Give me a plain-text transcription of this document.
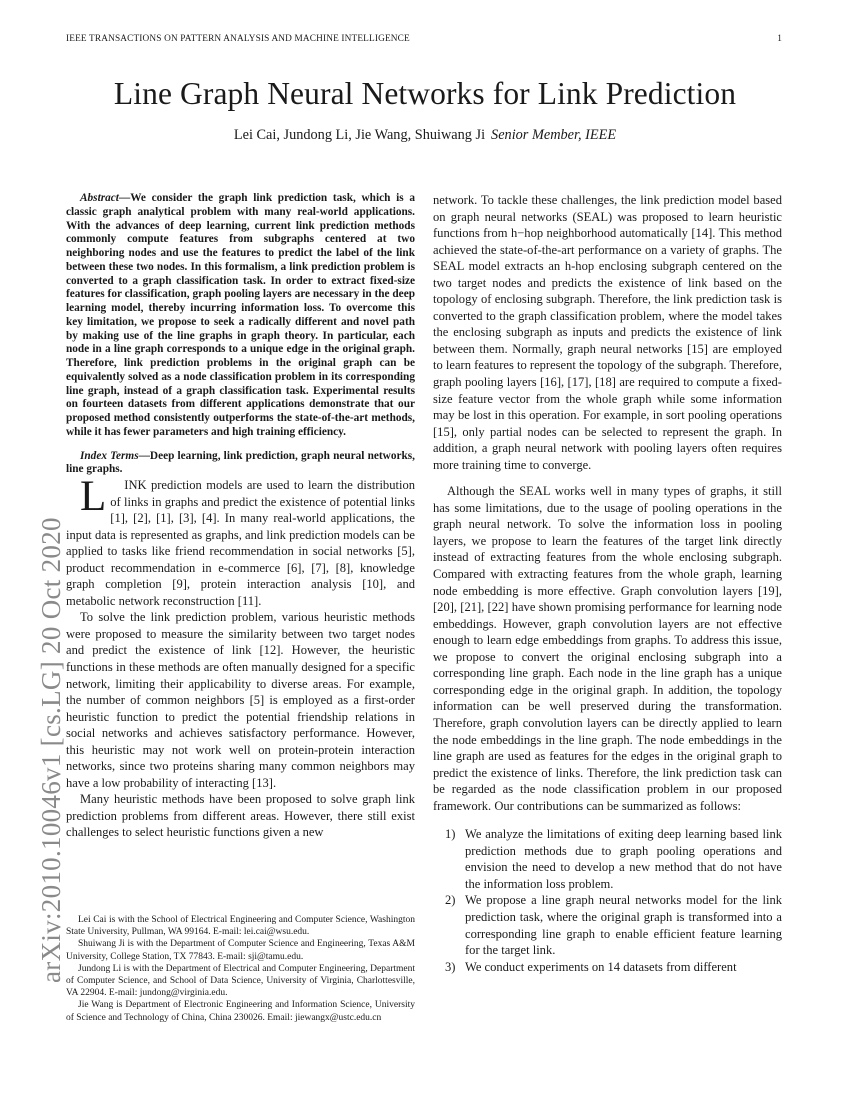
IEEE TRANSACTIONS ON PATTERN ANALYSIS AND MACHINE INTELLIGENCE	1
Line Graph Neural Networks for Link Prediction
Lei Cai, Jundong Li, Jie Wang, Shuiwang Ji Senior Member, IEEE
arXiv:2010.10046v1 [cs.LG] 20 Oct 2020

Abstract—We consider the graph link prediction task, which is a classic graph analytical problem with many real-world applications. With the advances of deep learning, current link prediction methods commonly compute features from subgraphs centered at two neighboring nodes and use the features to predict the label of the link between these two nodes. In this formalism, a link prediction problem is converted to a graph classification task. In order to extract fixed-size features for classification, graph pooling layers are necessary in the deep learning model, thereby incurring information loss. To overcome this key limitation, we propose to seek a radically different and novel path by making use of the line graphs in graph theory. In particular, each node in a line graph corresponds to a unique edge in the original graph. Therefore, link prediction problems in the original graph can be equivalently solved as a node classification problem in its corresponding line graph, instead of a graph classification task. Experimental results on fourteen datasets from different applications demonstrate that our proposed method consistently outperforms the state-of-the-art methods, while it has fewer parameters and high training efficiency.

Index Terms—Deep learning, link prediction, graph neural networks, line graphs.

L INK prediction models are used to learn the distribution of links in graphs and predict the existence of potential links [1], [2], [1], [3], [4]. In many real-world applications, the input data is represented as graphs, and link prediction models can be applied to tasks like friend recommendation in social networks [5], product recommendation in e-commerce [6], [7], [8], knowledge graph completion [9], protein interaction analysis [10], and metabolic network reconstruction [11].

To solve the link prediction problem, various heuristic methods were proposed to measure the similarity between two target nodes and predict the existence of link [12]. However, the heuristic functions in these methods are often manually designed for a specific network, limiting their applicability to diverse areas. For example, the number of common neighbors [5] is employed as a first-order heuristic function to predict the potential friendship relations in social networks and achieves satisfactory performance. However, this heuristic may not work well on protein-protein interaction networks, since two proteins sharing many common neighbors may have a low probability of interacting [13].

Many heuristic methods have been proposed to solve graph link prediction problems from different areas. However, there still exist challenges to select heuristic functions given a new

Lei Cai is with the School of Electrical Engineering and Computer Science, Washington State University, Pullman, WA 99164. E-mail: lei.cai@wsu.edu.

Shuiwang Ji is with the Department of Computer Science and Engineering, Texas A&M University, College Station, TX 77843. E-mail: sji@tamu.edu.

Jundong Li is with the Department of Electrical and Computer Engineering, Department of Computer Science, and School of Data Science, University of Virginia, Charlottesville, VA 22904. E-mail: jundong@virginia.edu.

Jie Wang is Department of Electronic Engineering and Information Science, University of Science and Technology of China, China 230026. Email: jiewangx@ustc.edu.cn

network. To tackle these challenges, the link prediction model based on graph neural networks (SEAL) was proposed to learn heuristic functions from h−hop neighborhood automatically [14]. This method achieved the state-of-the-art performance on a variety of graphs. The SEAL model extracts an h-hop enclosing subgraph centered on the two target nodes and predicts the existence of link based on the topology of enclosing subgraph. Therefore, the link prediction task is converted to the graph classification problem, where the model takes the enclosing subgraph as inputs and predicts the existence of link between them. Normally, graph neural networks [15] are employed to learn features to represent the topology of the subgraph. Therefore, graph pooling layers [16], [17], [18] are required to compute a fixed-size feature vector from the whole graph while some information may be lost in this operation. For example, in sort pooling operations [15], only partial nodes can be selected to represent the graph. In addition, a graph neural network with pooling layers often requires more training time to converge.

Although the SEAL works well in many types of graphs, it still has some limitations, due to the usage of pooling operations in the graph neural network. To solve the information loss in pooling layers, we propose to learn the features of the target link directly instead of extracting features from the whole enclosing subgraph. Compared with extracting features from the whole graph, learning node embedding is more effective. Graph convolution layers [19], [20], [21], [22] have shown promising performance for learning node embeddings. However, graph convolution layers are not effective enough to learn edge embeddings from graphs. To address this issue, we propose to convert the original enclosing subgraph into a corresponding line graph. Each node in the line graph has a unique corresponding edge in the original graph. In addition, the topology information can be well preserved during the transformation. Therefore, graph convolution layers can be directly applied to learn the node embeddings in the line graph. The node embeddings in the line graph are used as features for the edges in the original graph to predict the existence of links. Therefore, the link prediction task can be regarded as the node classification problem in our proposed framework. Our contributions can be summarized as follows:

1) We analyze the limitations of exiting deep learning based link prediction methods due to graph pooling operations and envision the need to develop a new method that do not have the information loss problem.
2) We propose a line graph neural networks model for the link prediction task, where the original graph is transformed into a corresponding line graph to enable efficient feature learning for the target link.
3) We conduct experiments on 14 datasets from different
